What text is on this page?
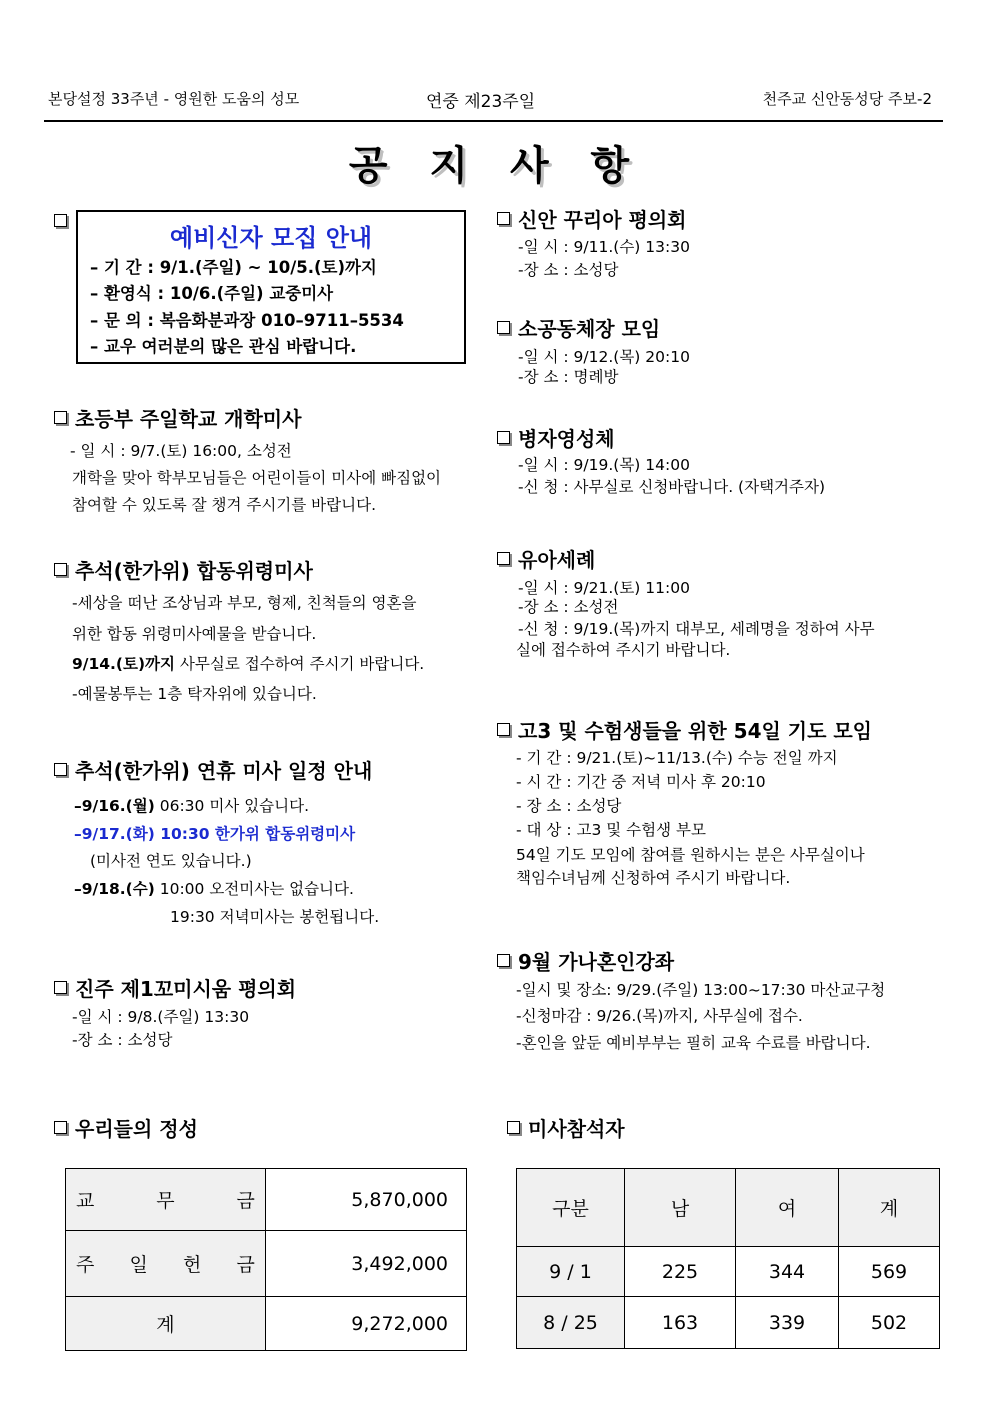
본당설정 33주년 - 영원한 도움의 성모	연중 제23주일	천주교 신안동성당 주보-2
공 지 사 항
예비신자 모집 안내
– 기 간 : 9/1.(주일) ~ 10/5.(토)까지
– 환영식 : 10/6.(주일) 교중미사
– 문 의 : 복음화분과장 010–9711–5534
– 교우 여러분의 많은 관심 바랍니다.
초등부 주일학교 개학미사
- 일 시 : 9/7.(토) 16:00, 소성전
개학을 맞아 학부모님들은 어린이들이 미사에 빠짐없이
참여할 수 있도록 잘 챙겨 주시기를 바랍니다.
추석(한가위) 합동위령미사
-세상을 떠난 조상님과 부모, 형제, 친척들의 영혼을
위한 합동 위령미사예물을 받습니다.
9/14.(토)까지 사무실로 접수하여 주시기 바랍니다.
-예물봉투는 1층 탁자위에 있습니다.
추석(한가위) 연휴 미사 일정 안내
–9/16.(월) 06:30 미사 있습니다.
–9/17.(화) 10:30 한가위 합동위령미사
(미사전 연도 있습니다.)
–9/18.(수) 10:00 오전미사는 없습니다.
19:30 저녁미사는 봉헌됩니다.
진주 제1꼬미시움 평의회
-일 시 : 9/8.(주일) 13:30
-장 소 : 소성당
신안 꾸리아 평의회
-일 시 : 9/11.(수) 13:30
-장 소 : 소성당
소공동체장 모임
-일 시 : 9/12.(목) 20:10
-장 소 : 명례방
병자영성체
-일 시 : 9/19.(목) 14:00
-신 청 : 사무실로 신청바랍니다. (자택거주자)
유아세례
-일 시 : 9/21.(토) 11:00
-장 소 : 소성전
-신 청 : 9/19.(목)까지 대부모, 세례명을 정하여 사무
실에 접수하여 주시기 바랍니다.
고3 및 수험생들을 위한 54일 기도 모임
- 기 간 : 9/21.(토)~11/13.(수) 수능 전일 까지
- 시 간 : 기간 중 저녁 미사 후 20:10
- 장 소 : 소성당
- 대 상 : 고3 및 수험생 부모
54일 기도 모임에 참여를 원하시는 분은 사무실이나
책임수녀님께 신청하여 주시기 바랍니다.
9월 가나혼인강좌
-일시 및 장소: 9/29.(주일) 13:00~17:30 마산교구청
-신청마감 : 9/26.(목)까지, 사무실에 접수.
-혼인을 앞둔 예비부부는 필히 교육 수료를 바랍니다.
우리들의 정성
교 무 금	5,870,000

주 일 헌 금	3,492,000
계	9,272,000
미사참석자
구분	남	여	계
9 / 1	225	344	569
8 / 25	163	339	502
